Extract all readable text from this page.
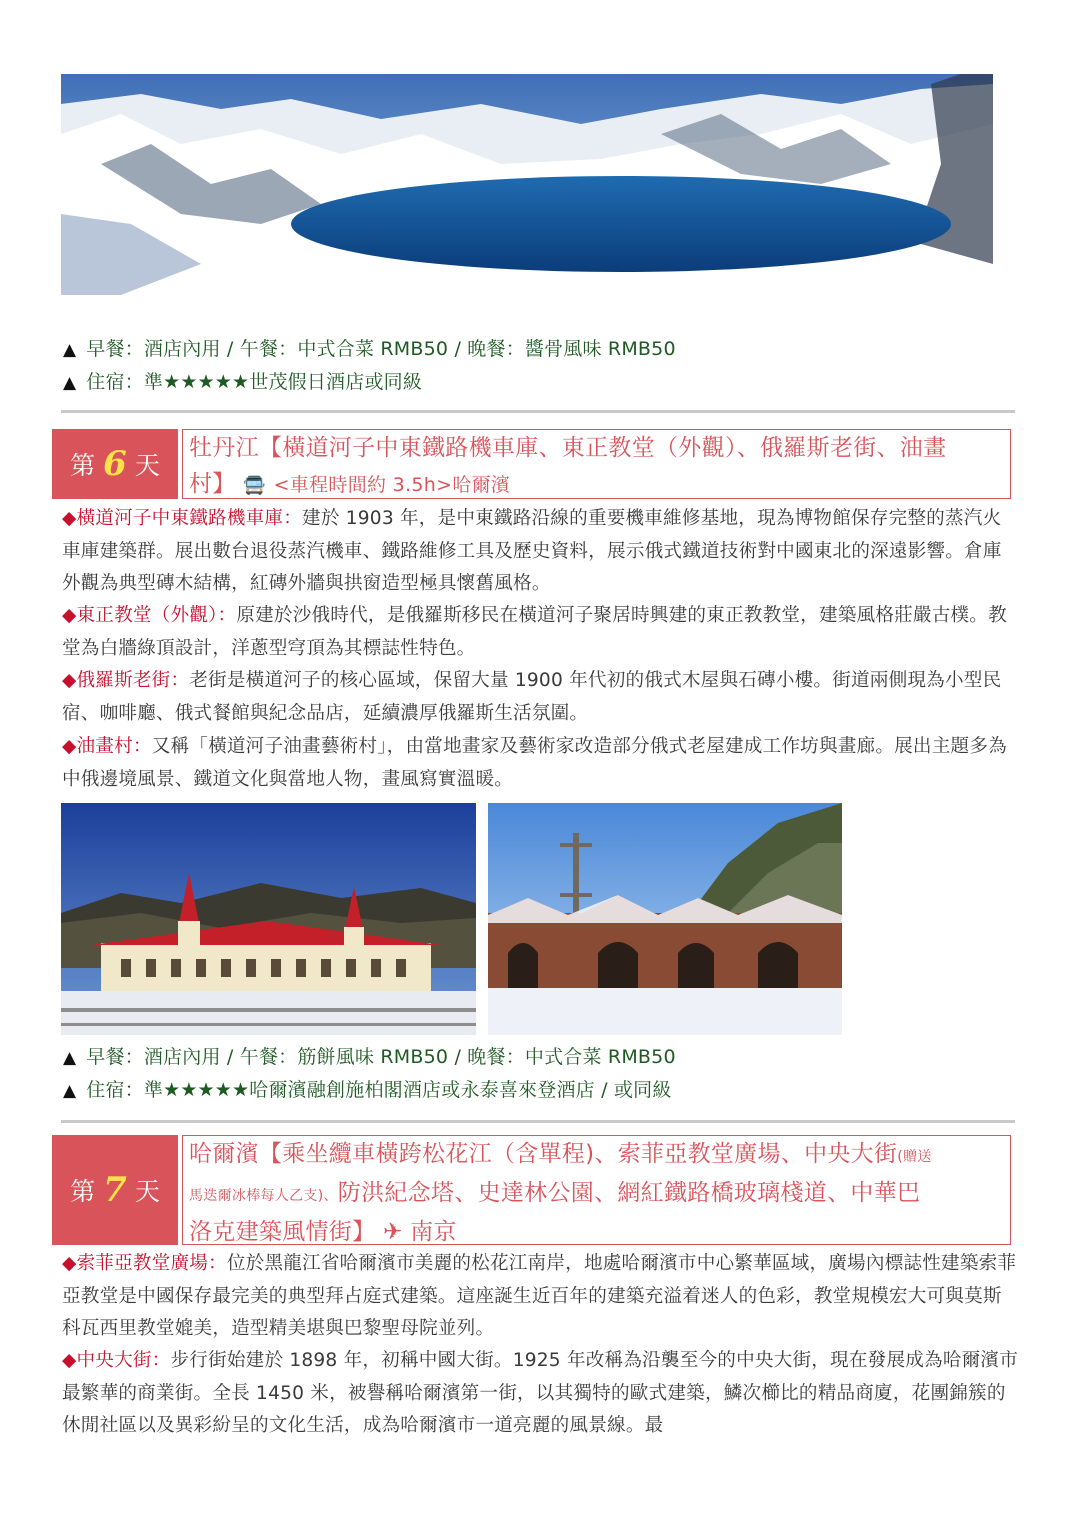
▲ 早餐：酒店內用 / 午餐：中式合菜 RMB50 / 晚餐：醬骨風味 RMB50
▲ 住宿：準★★★★★世茂假日酒店或同級
第 6 天
牡丹江【橫道河子中東鐵路機車庫、東正教堂（外觀）、俄羅斯老街、油畫
村】 🚍 <車程時間約 3.5h>哈爾濱
◆橫道河子中東鐵路機車庫：建於 1903 年，是中東鐵路沿線的重要機車維修基地，現為博物館保存完整的蒸汽火車庫建築群。展出數台退役蒸汽機車、鐵路維修工具及歷史資料，展示俄式鐵道技術對中國東北的深遠影響。倉庫外觀為典型磚木結構，紅磚外牆與拱窗造型極具懷舊風格。
◆東正教堂（外觀）：原建於沙俄時代，是俄羅斯移民在橫道河子聚居時興建的東正教教堂，建築風格莊嚴古樸。教堂為白牆綠頂設計，洋蔥型穹頂為其標誌性特色。
◆俄羅斯老街：老街是橫道河子的核心區域，保留大量 1900 年代初的俄式木屋與石磚小樓。街道兩側現為小型民宿、咖啡廳、俄式餐館與紀念品店，延續濃厚俄羅斯生活氛圍。
◆油畫村：又稱「橫道河子油畫藝術村」，由當地畫家及藝術家改造部分俄式老屋建成工作坊與畫廊。展出主題多為中俄邊境風景、鐵道文化與當地人物，畫風寫實溫暖。
▲ 早餐：酒店內用 / 午餐：筋餅風味 RMB50 / 晚餐：中式合菜 RMB50
▲ 住宿：準★★★★★哈爾濱融創施柏閣酒店或永泰喜來登酒店 / 或同級
第 7 天
哈爾濱【乘坐纜車橫跨松花江（含單程)、索菲亞教堂廣場、中央大街(贈送
馬迭爾冰棒每人乙支)、防洪紀念塔、史達林公園、網紅鐵路橋玻璃棧道、中華巴
洛克建築風情街】 ✈ 南京
◆索菲亞教堂廣場：位於黑龍江省哈爾濱市美麗的松花江南岸，地處哈爾濱市中心繁華區域，廣場內標誌性建築索菲亞教堂是中國保存最完美的典型拜占庭式建築。這座誕生近百年的建築充溢着迷人的色彩，教堂規模宏大可與莫斯科瓦西里教堂媲美，造型精美堪與巴黎聖母院並列。
◆中央大街：步行街始建於 1898 年，初稱中國大街。1925 年改稱為沿襲至今的中央大街，現在發展成為哈爾濱市最繁華的商業街。全長 1450 米，被譽稱哈爾濱第一街，以其獨特的歐式建築，鱗次櫛比的精品商廈，花團錦簇的休閒社區以及異彩紛呈的文化生活，成為哈爾濱市一道亮麗的風景線。最
